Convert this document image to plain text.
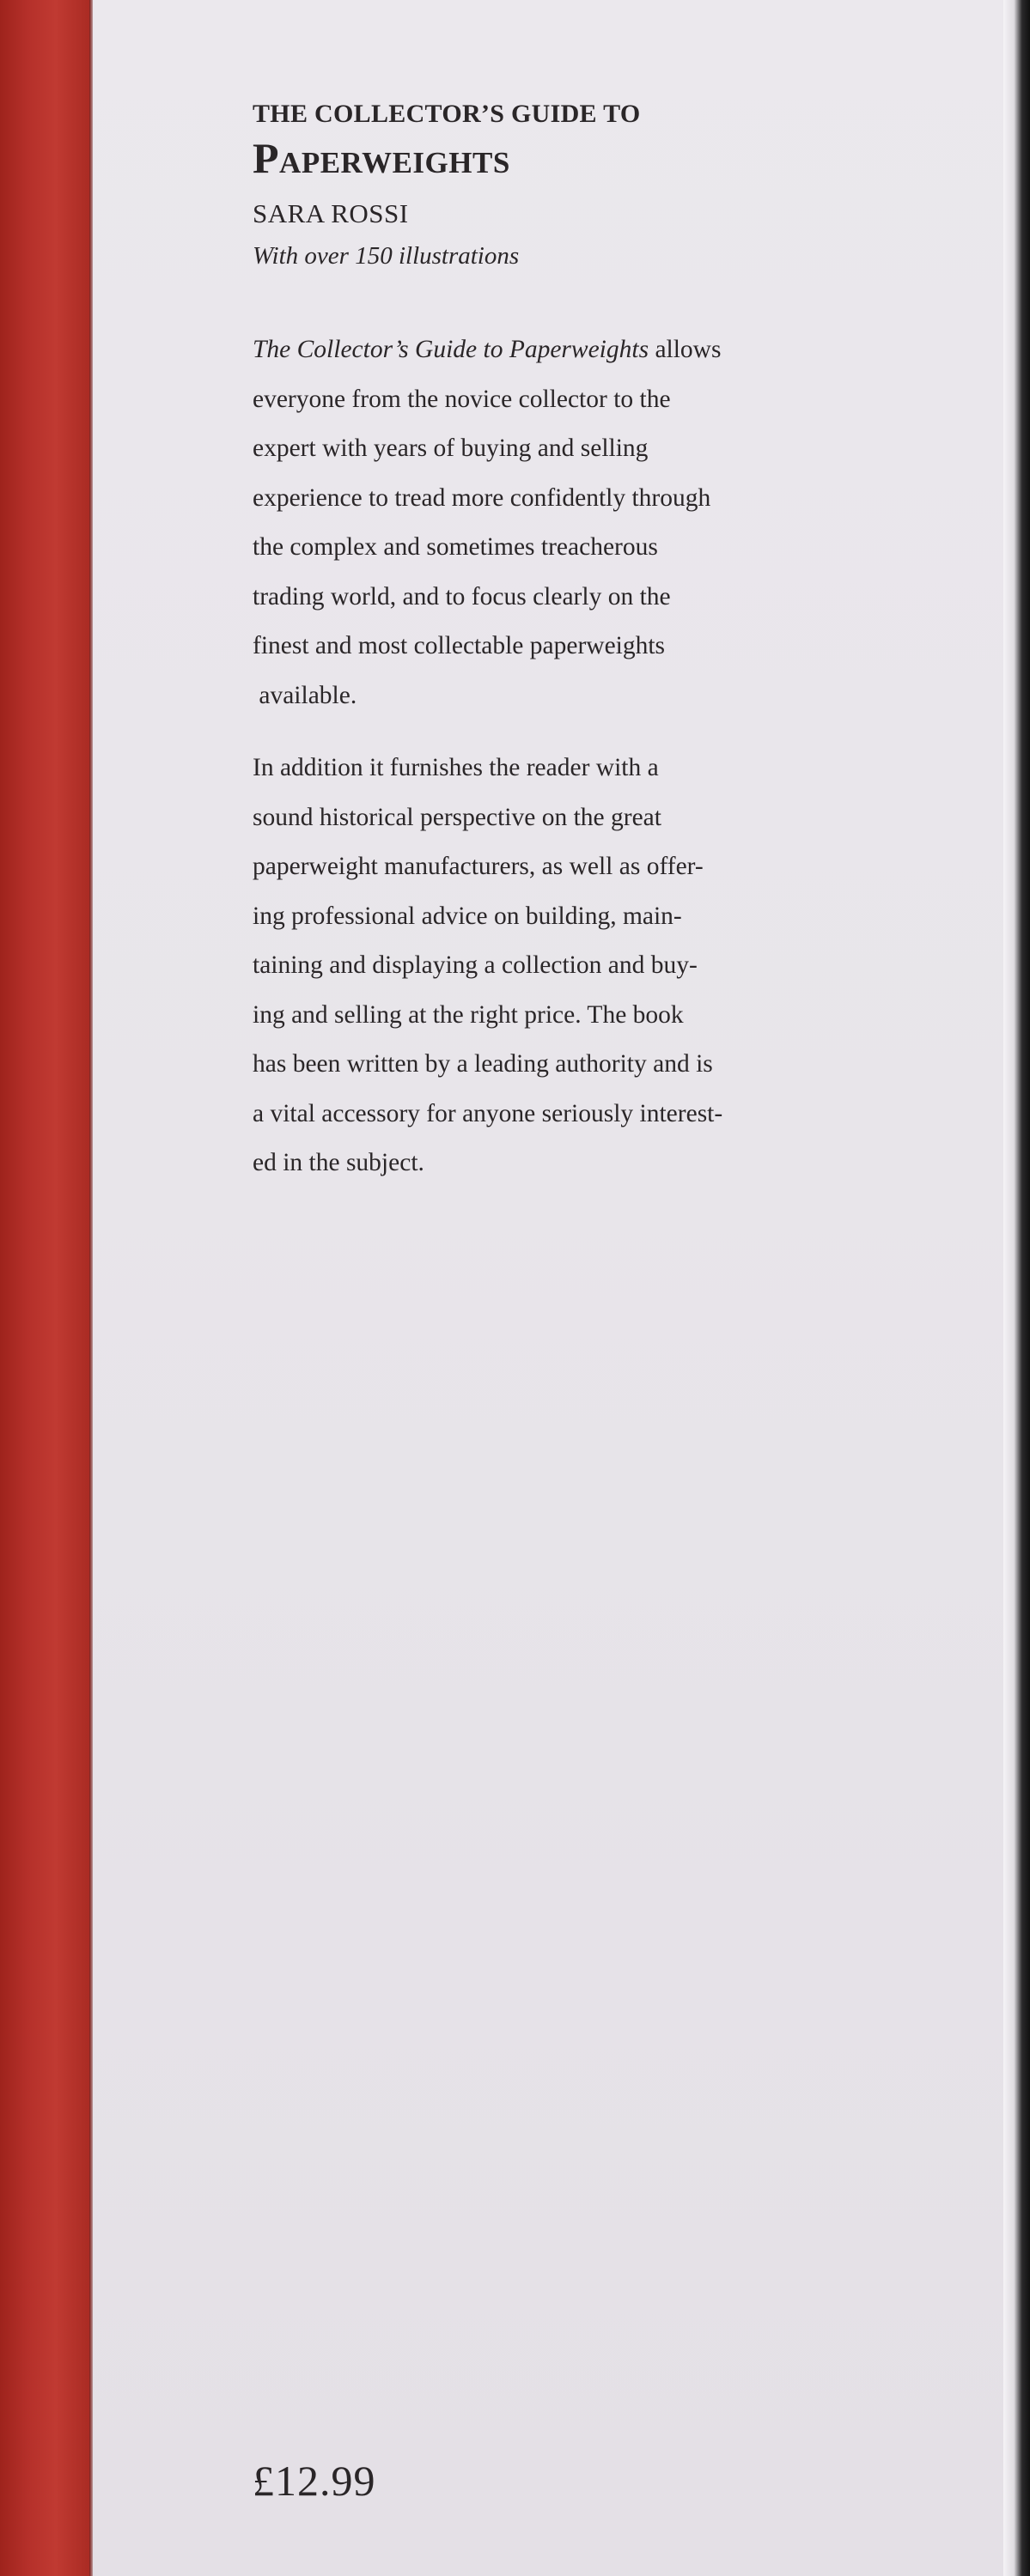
THE COLLECTOR’S GUIDE TO

Paperweights

SARA ROSSI

With over 150 illustrations

The Collector’s Guide to Paperweights allows
everyone from the novice collector to the
expert with years of buying and selling
experience to tread more confidently through
the complex and sometimes treacherous
trading world, and to focus clearly on the
finest and most collectable paperweights
available.

In addition it furnishes the reader with a
sound historical perspective on the great
paperweight manufacturers, as well as offer-
ing professional advice on building, main-
taining and displaying a collection and buy-
ing and selling at the right price. The book
has been written by a leading authority and is
a vital accessory for anyone seriously interest-
ed in the subject.

£12.99
